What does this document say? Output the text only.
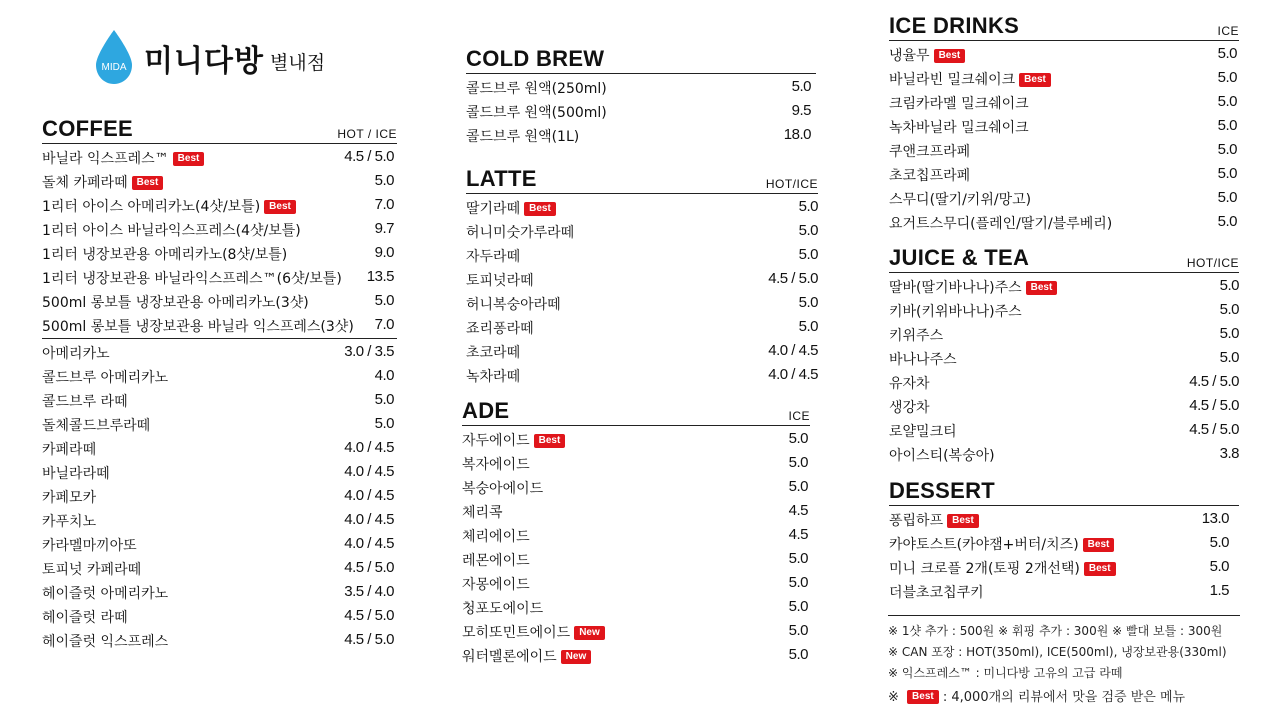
MIDA 미니다방 별내점
COFFEE	HOT / ICE
바닐라 익스프레스™ Best	4.5 / 5.0
돌체 카페라떼 Best	5.0
1리터 아이스 아메리카노(4샷/보틀) Best	7.0
1리터 아이스 바닐라익스프레스(4샷/보틀)	9.7
1리터 냉장보관용 아메리카노(8샷/보틀)	9.0
1리터 냉장보관용 바닐라익스프레스™(6샷/보틀) 13.5
500ml 롱보틀 냉장보관용 아메리카노(3샷)	5.0
500ml 롱보틀 냉장보관용 바닐라 익스프레스(3샷) 7.0
아메리카노	3.0 / 3.5
콜드브루 아메리카노	4.0
콜드브루 라떼	5.0
돌체콜드브루라떼	5.0
카페라떼	4.0 / 4.5
바닐라라떼	4.0 / 4.5
카페모카	4.0 / 4.5
카푸치노	4.0 / 4.5
카라멜마끼아또	4.0 / 4.5
토피넛 카페라떼	4.5 / 5.0
헤이즐럿 아메리카노	3.5 / 4.0
헤이즐럿 라떼	4.5 / 5.0
헤이즐럿 익스프레스	4.5 / 5.0
COLD BREW
콜드브루 원액(250ml)	5.0
콜드브루 원액(500ml)	9.5
콜드브루 원액(1L)	18.0
LATTE	HOT/ICE
딸기라떼 Best	5.0
허니미숫가루라떼	5.0
자두라떼	5.0
토피넛라떼	4.5 / 5.0
허니복숭아라떼	5.0
죠리퐁라떼	5.0
초코라떼	4.0 / 4.5
녹차라떼	4.0 / 4.5
ADE	ICE
자두에이드 Best	5.0
복자에이드	5.0
복숭아에이드	5.0
체리콕	4.5
체리에이드	4.5
레몬에이드	5.0
자몽에이드	5.0
청포도에이드	5.0
모히또민트에이드 New	5.0
워터멜론에이드 New	5.0
ICE DRINKS	ICE
냉율무 Best	5.0
바닐라빈 밀크쉐이크 Best	5.0
크림카라멜 밀크쉐이크	5.0
녹차바닐라 밀크쉐이크	5.0
쿠앤크프라페	5.0
초코칩프라페	5.0
스무디(딸기/키위/망고)	5.0
요거트스무디(플레인/딸기/블루베리)	5.0
JUICE & TEA	HOT/ICE
딸바(딸기바나나)주스 Best	5.0
키바(키위바나나)주스	5.0
키위주스	5.0
바나나주스	5.0
유자차	4.5 / 5.0
생강차	4.5 / 5.0
로얄밀크티	4.5 / 5.0
아이스티(복숭아)	3.8
DESSERT
퐁립하프 Best	13.0
카야토스트(카야잼+버터/치즈) Best	5.0
미니 크로플 2개(토핑 2개선택) Best	5.0
더블초코칩쿠키	1.5
※ 1샷 추가 : 500원 ※ 휘핑 추가 : 300원 ※ 빨대 보틀 : 300원
※ CAN 포장 : HOT(350ml), ICE(500ml), 냉장보관용(330ml)
※ 익스프레스™ : 미니다방 고유의 고급 라떼
※ Best : 4,000개의 리뷰에서 맛을 검증 받은 메뉴
